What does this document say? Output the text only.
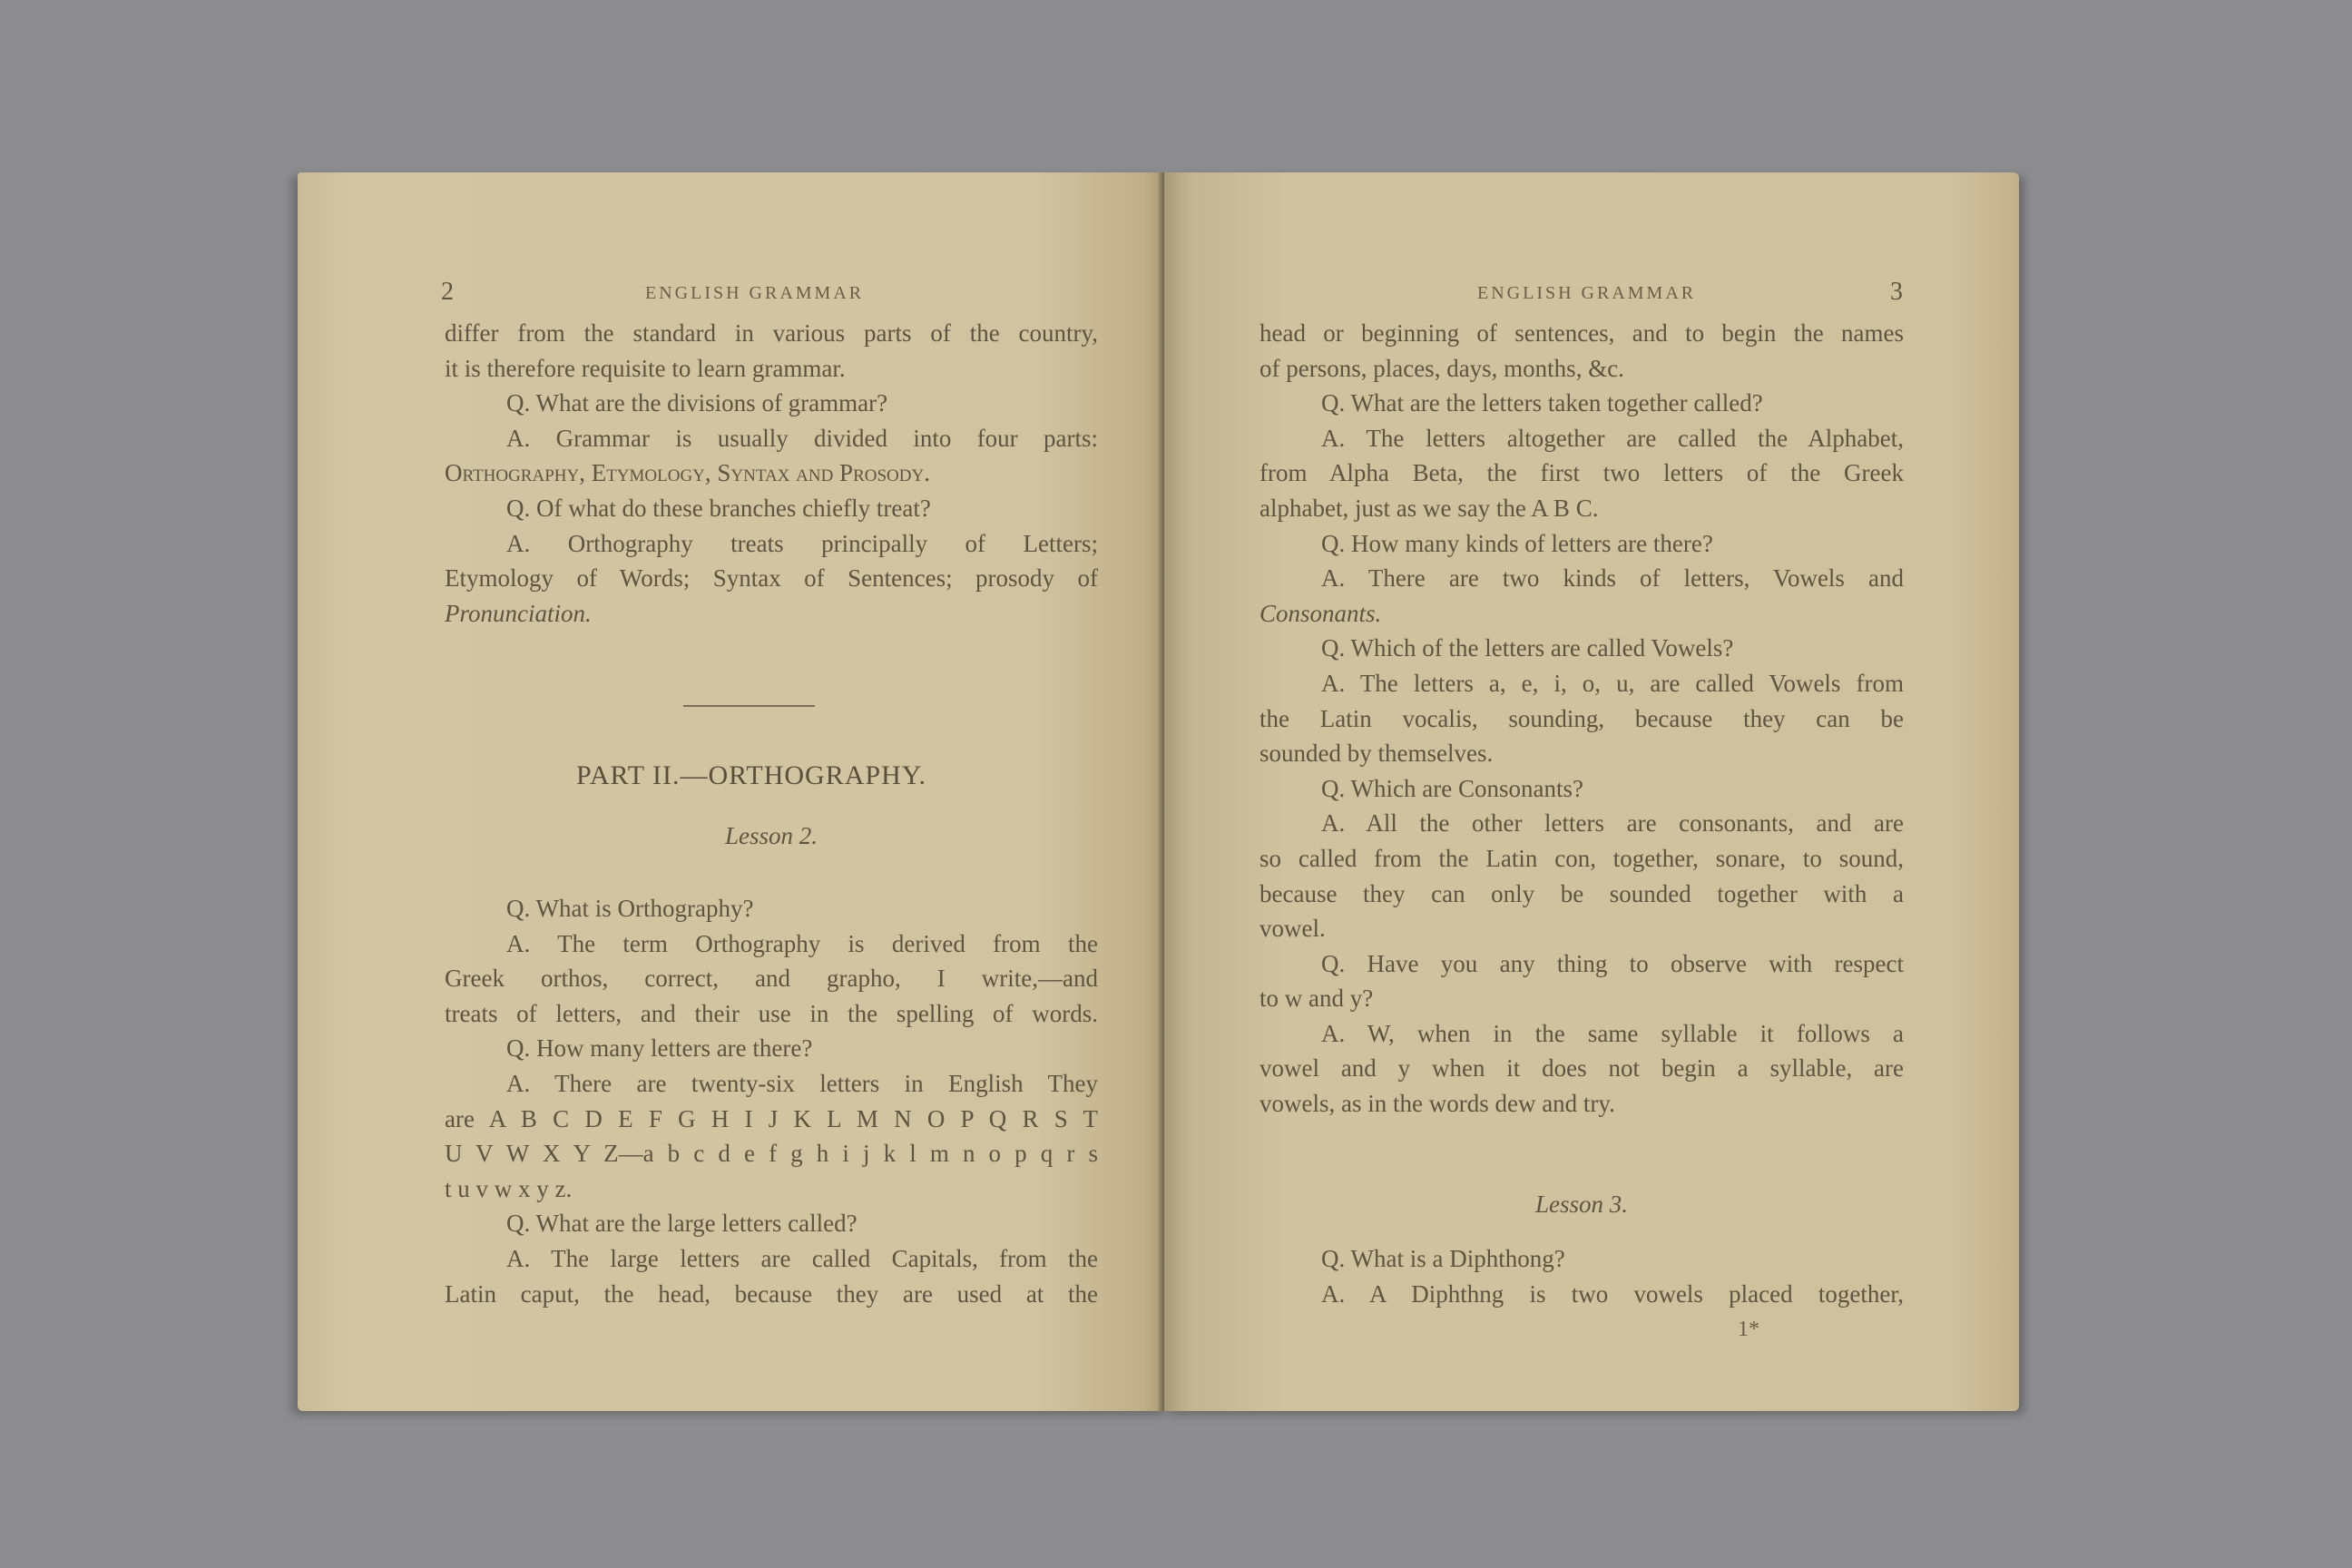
2	ENGLISH GRAMMAR
differ from the standard in various parts of the country,
it is therefore requisite to learn grammar.
Q. What are the divisions of grammar?
A. Grammar is usually divided into four parts:
Orthography, Etymology, Syntax and Prosody.
Q. Of what do these branches chiefly treat?
A. Orthography treats principally of Letters;
Etymology of Words; Syntax of Sentences; prosody of
Pronunciation.
PART II.—ORTHOGRAPHY.
Lesson 2.
Q. What is Orthography?
A. The term Orthography is derived from the
Greek orthos, correct, and grapho, I write,—and
treats of letters, and their use in the spelling of words.
Q. How many letters are there?
A. There are twenty-six letters in English They
are A B C D E F G H I J K L M N O P Q R S T
U V W X Y Z—a b c d e f g h i j k l m n o p q r s
t u v w x y z.
Q. What are the large letters called?
A. The large letters are called Capitals, from the
Latin caput, the head, because they are used at the
ENGLISH GRAMMAR	3
head or beginning of sentences, and to begin the names
of persons, places, days, months, &c.
Q. What are the letters taken together called?
A. The letters altogether are called the Alphabet,
from Alpha Beta, the first two letters of the Greek
alphabet, just as we say the A B C.
Q. How many kinds of letters are there?
A. There are two kinds of letters, Vowels and
Consonants.
Q. Which of the letters are called Vowels?
A. The letters a, e, i, o, u, are called Vowels from
the Latin vocalis, sounding, because they can be
sounded by themselves.
Q. Which are Consonants?
A. All the other letters are consonants, and are
so called from the Latin con, together, sonare, to sound,
because they can only be sounded together with a
vowel.
Q. Have you any thing to observe with respect
to w and y?
A. W, when in the same syllable it follows a
vowel and y when it does not begin a syllable, are
vowels, as in the words dew and try.
Lesson 3.
Q. What is a Diphthong?
A. A Diphthng is two vowels placed together,
1*
